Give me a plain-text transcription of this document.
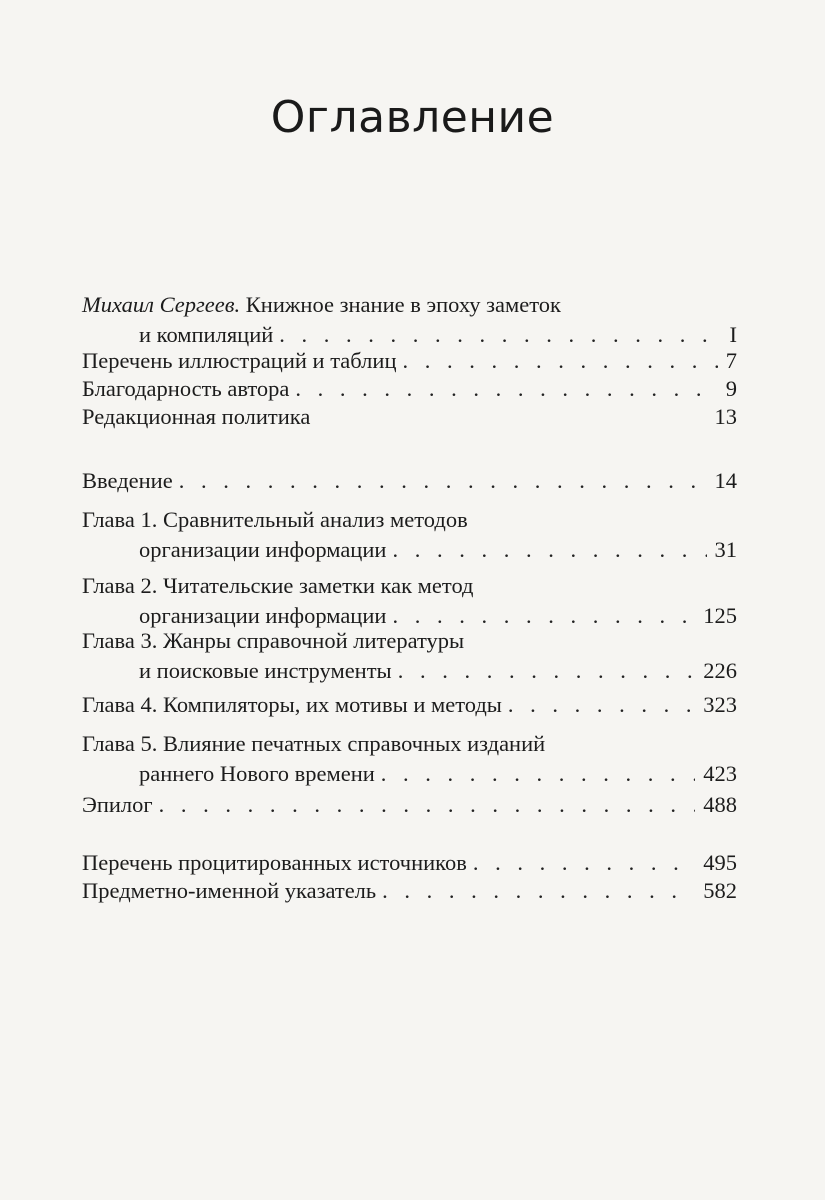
Оглавление
Михаил Сергеев. Книжное знание в эпоху заметок
и компиляций . . .	I
Перечень иллюстраций и таблиц . . .	7
Благодарность автора . . .	9
Редакционная политика	13
Введение . . .	14
Глава 1. Сравнительный анализ методов
организации информации . . .	31
Глава 2. Читательские заметки как метод
организации информации . . .	125
Глава 3. Жанры справочной литературы
и поисковые инструменты . . .	226
Глава 4. Компиляторы, их мотивы и методы . . .	323
Глава 5. Влияние печатных справочных изданий
раннего Нового времени . . .	423
Эпилог . . .	488
Перечень процитированных источников . . .	495
Предметно-именной указатель . . .	582
